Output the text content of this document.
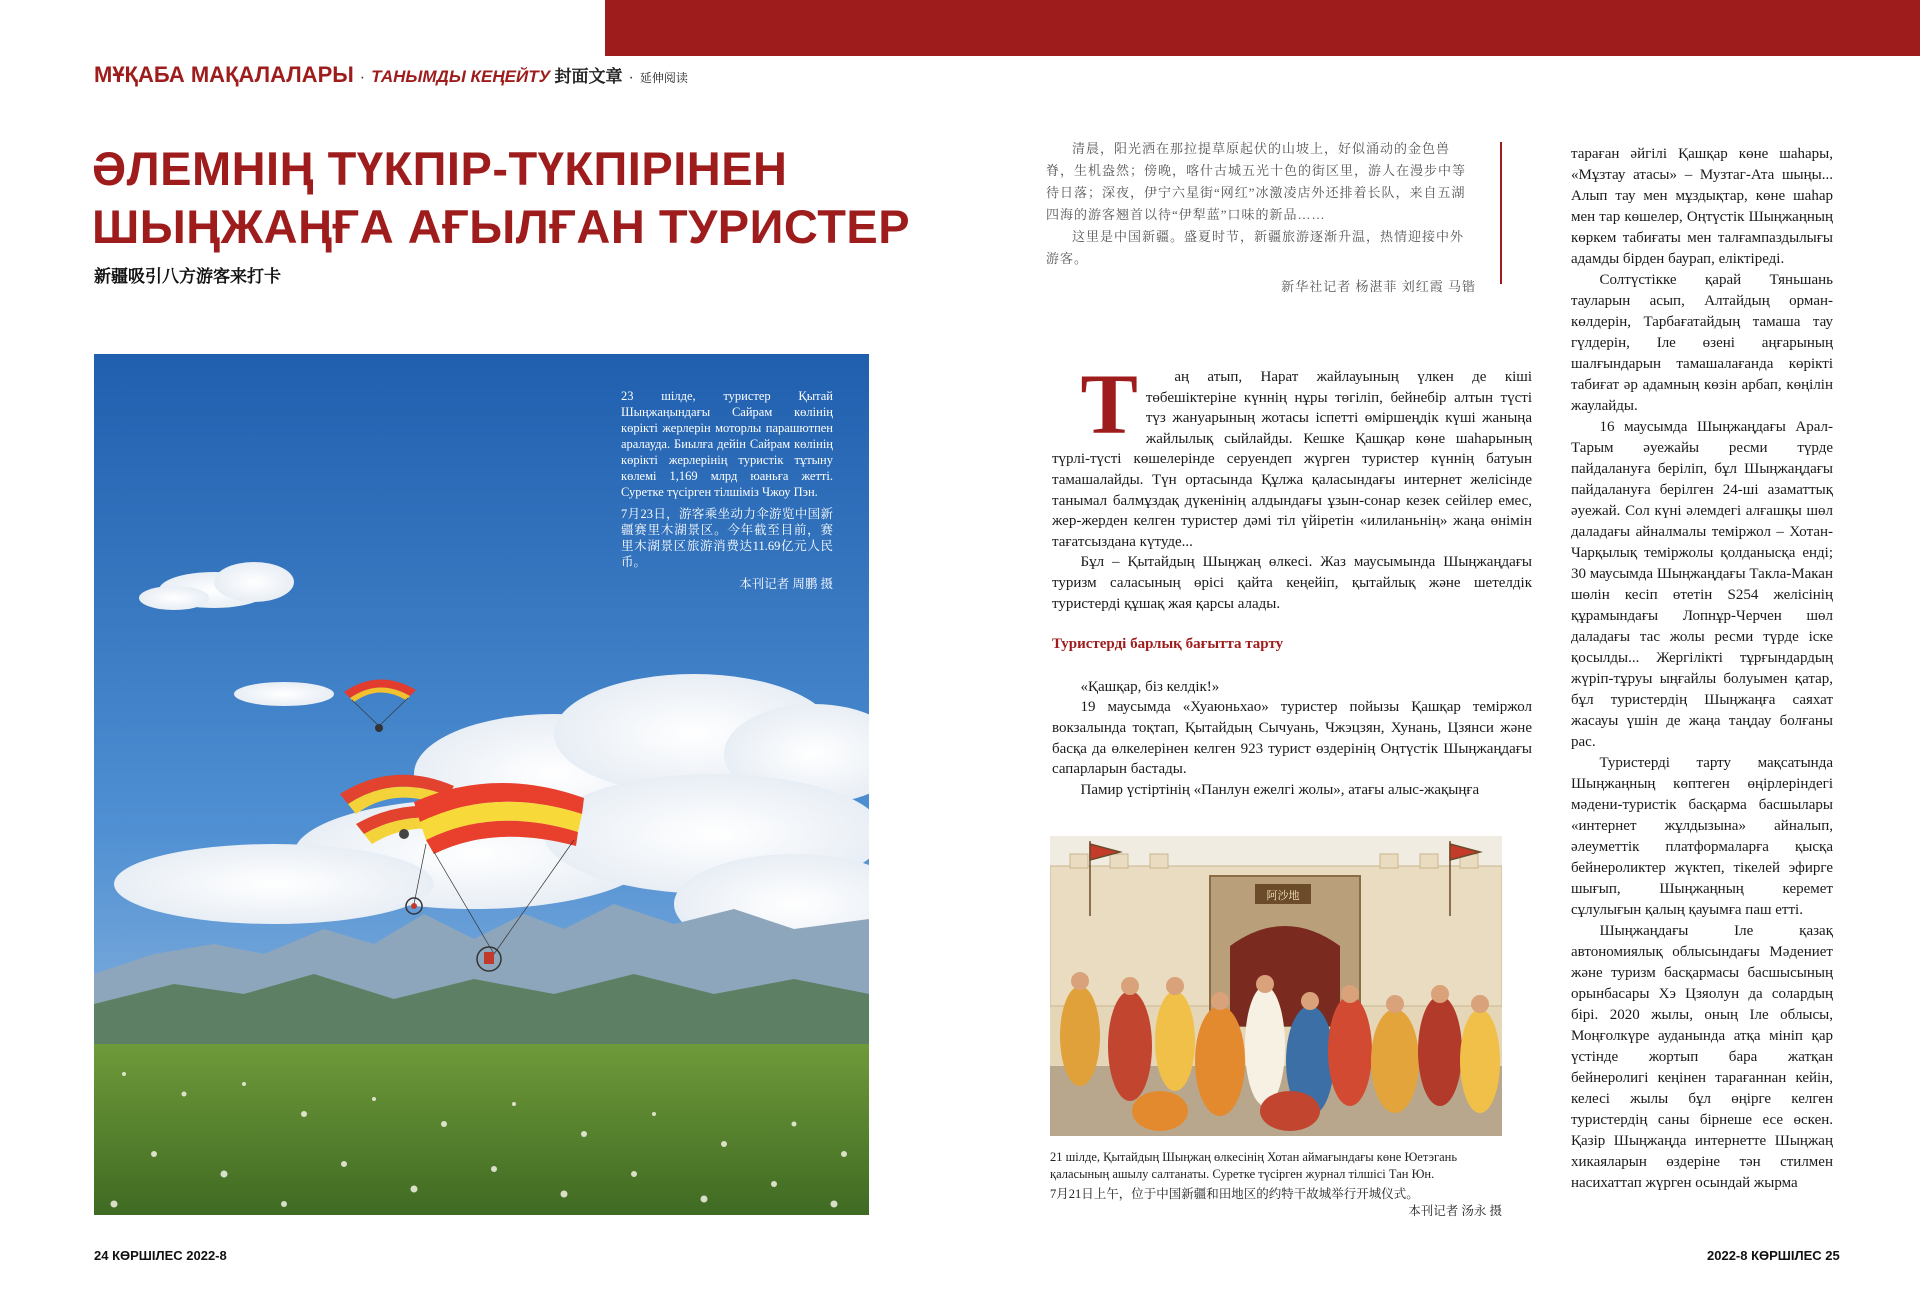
МҰҚАБА МАҚАЛАЛАРЫ · ТАНЫМДЫ КЕҢЕЙТУ 封面文章 · 延伸阅读
ӘЛЕМНІҢ ТҮКПІР-ТҮКПІРІНЕН
ШЫҢЖАҢҒА АҒЫЛҒАН ТУРИСТЕР
新疆吸引八方游客来打卡

23 шілде, туристер Қытай Шыңжаңындағы Сайрам көлінің көрікті жерлерін моторлы парашютпен аралауда. Биылға дейін Сайрам көлінің көрікті жерлерінің туристік тұтыну көлемі 1,169 млрд юаньға жетті. Суретке түсірген тілшіміз Чжоу Пэн.

7月23日，游客乘坐动力伞游览中国新疆赛里木湖景区。今年截至目前，赛里木湖景区旅游消费达11.69亿元人民币。

本刊记者 周鹏 摄

清晨，阳光洒在那拉提草原起伏的山坡上，好似涌动的金色兽脊，生机盎然；傍晚，喀什古城五光十色的街区里，游人在漫步中等待日落；深夜，伊宁六星街“网红”冰激凌店外还排着长队，来自五湖四海的游客翘首以待“伊犁蓝”口味的新品……

这里是中国新疆。盛夏时节，新疆旅游逐渐升温，热情迎接中外游客。

新华社记者 杨湛菲 刘红霞 马锴

Т аң атып, Нарат жайлауының үлкен де кіші төбешіктеріне күннің нұры төгіліп, бейнебір алтын түсті түз жануарының жотасы іспетті өміршеңдік күші жаныңа жайлылық сыйлайды. Кешке Қашқар көне шаһарының түрлі-түсті көшелерінде серуендеп жүрген туристер күннің батуын тамашалайды. Түн ортасында Құлжа қаласындағы интернет желісінде танымал балмұздақ дүкенінің алдындағы ұзын-сонар кезек сейілер емес, жер-жерден келген туристер дәмі тіл үйіретін «илиланьнің» жаңа өнімін тағатсыздана күтуде...

Бұл – Қытайдың Шыңжаң өлкесі. Жаз маусымында Шыңжаңдағы туризм саласының өрісі қайта кеңейіп, қытайлық және шетелдік туристерді құшақ жая қарсы алады.

Туристерді барлық бағытта тарту

«Қашқар, біз келдік!»

19 маусымда «Хуаюньхао» туристер пойызы Қашқар теміржол вокзалында тоқтап, Қытайдың Сычуань, Чжэцзян, Хунань, Цзянси және басқа да өлкелерінен келген 923 турист өздерінің Оңтүстік Шыңжаңдағы сапарларын бастады.

Памир үстіртінің «Панлун ежелгі жолы», атағы алыс-жақыңға

阿沙地

21 шілде, Қытайдың Шыңжаң өлкесінің Хотан аймағындағы көне Юетэгань қаласының ашылу салтанаты. Суретке түсірген журнал тілшісі Тан Юн.

7月21日上午，位于中国新疆和田地区的约特干故城举行开城仪式。

本刊记者 汤永 摄

тараған әйгілі Қашқар көне шаһары, «Мұзтау атасы» – Музтаг-Ата шыңы... Алып тау мен мұздықтар, көне шаһар мен тар көшелер, Оңтүстік Шыңжаңның көркем табиғаты мен талғампаздылығы адамды бірден баурап, еліктіреді.

Солтүстікке қарай Тяньшань тауларын асып, Алтайдың орман-көлдерін, Тарбағатайдың тамаша тау гүлдерін, Іле өзені аңғарының шалғындарын тамашалағанда көрікті табиғат әр адамның көзін арбап, көңілін жаулайды.

16 маусымда Шыңжаңдағы Арал-Тарым әуежайы ресми түрде пайдалануға беріліп, бұл Шыңжаңдағы пайдалануға берілген 24-ші азаматтық әуежай. Сол күні әлемдегі алғашқы шөл даладағы айналмалы теміржол – Хотан-Чарқылық теміржолы қолданысқа енді; 30 маусымда Шыңжаңдағы Такла-Макан шөлін кесіп өтетін S254 желісінің құрамындағы Лопнұр-Черчен шөл даладағы тас жолы ресми түрде іске қосылды... Жергілікті тұрғындардың жүріп-тұруы ыңғайлы болуымен қатар, бұл туристердің Шыңжаңға саяхат жасауы үшін де жаңа таңдау болғаны рас.

Туристерді тарту мақсатында Шыңжаңның көптеген өңірлеріндегі мәдени-туристік басқарма басшылары «интернет жұлдызына» айналып, әлеуметтік платформаларға қысқа бейнероликтер жүктеп, тікелей эфирге шығып, Шыңжаңның керемет сұлулығын қалың қауымға паш етті.

Шыңжаңдағы Іле қазақ автономиялық облысындағы Мәдениет және туризм басқармасы басшысының орынбасары Хэ Цзяолун да солардың бірі. 2020 жылы, оның Іле облысы, Моңғолкүре ауданында атқа мініп қар үстінде жортып бара жатқан бейнеролигі кеңінен тарағаннан кейін, келесі жылы бұл өңірге келген туристердің саны бірнеше есе өскен. Қазір Шыңжаңда интернетте Шыңжаң хикаяларын өздеріне тән стилмен насихаттап жүрген осындай жырма

24 КӨРШІЛЕС 2022-8	2022-8 КӨРШІЛЕС 25
